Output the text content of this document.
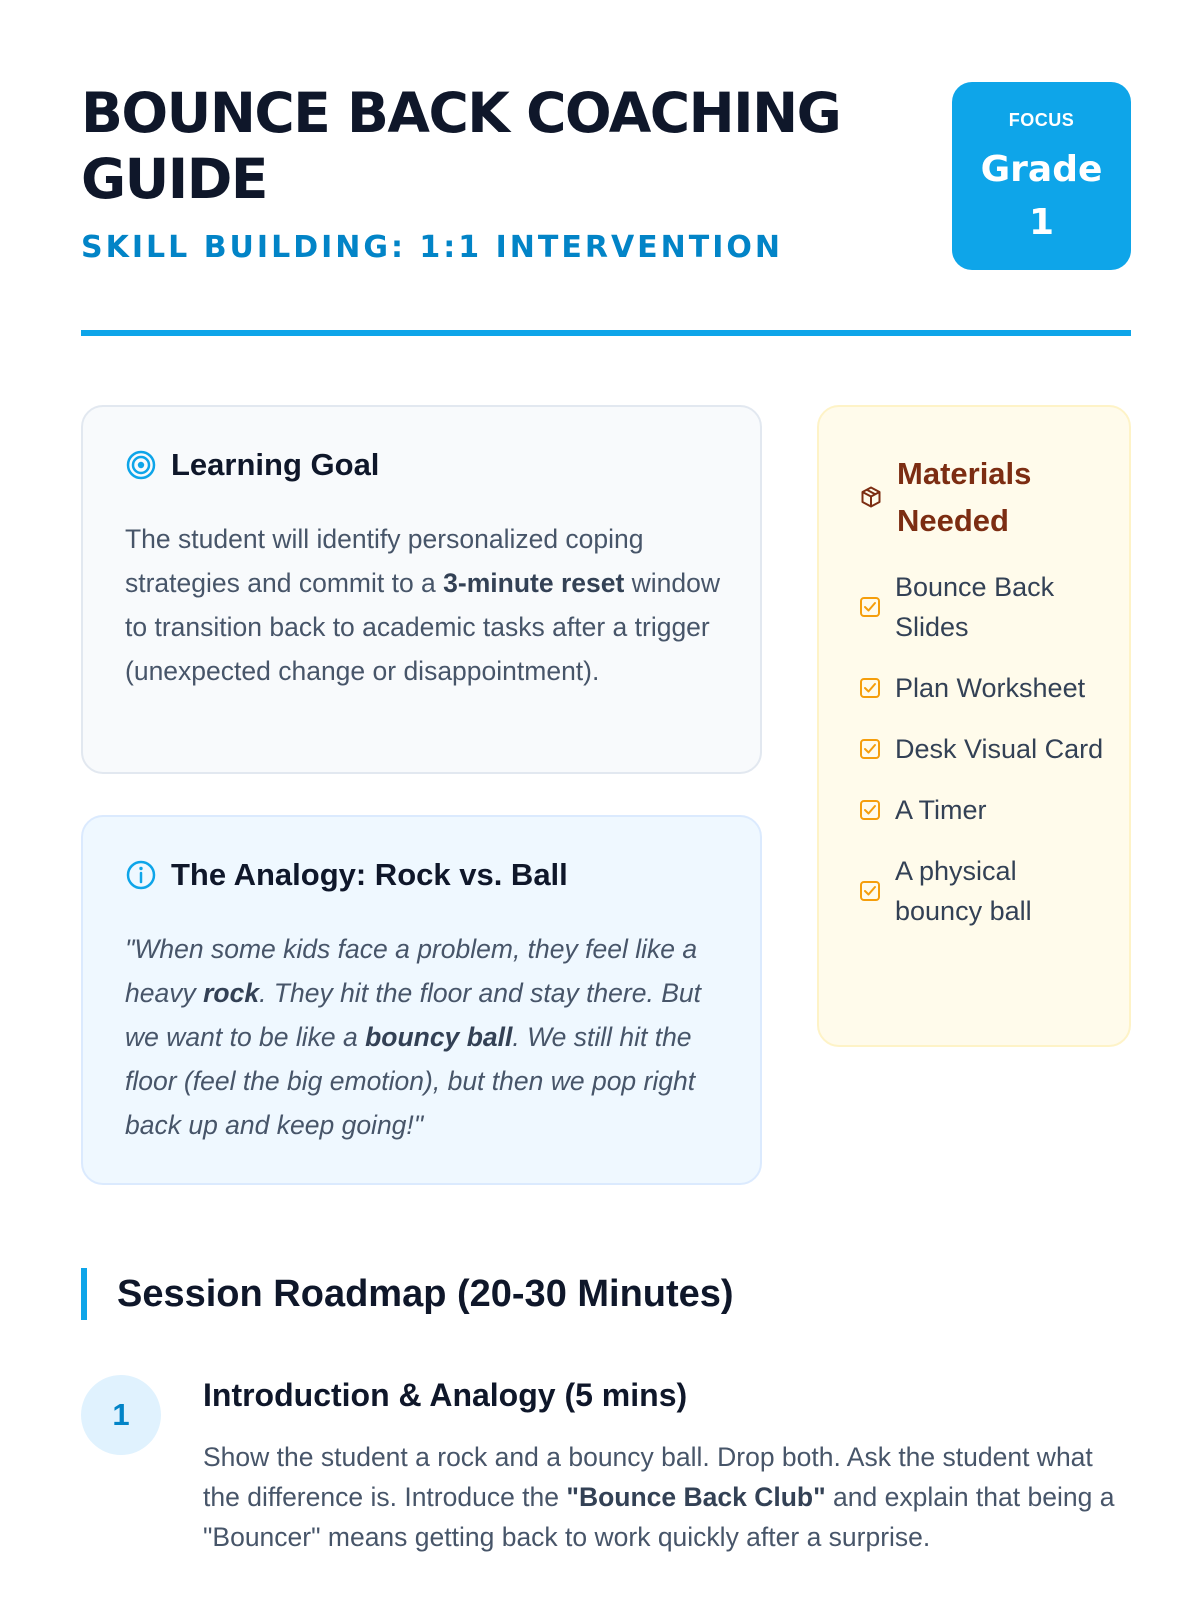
BOUNCE BACK COACHING GUIDE
SKILL BUILDING: 1:1 INTERVENTION
FOCUS
Grade
1
Learning Goal

The student will identify personalized coping strategies and commit to a 3-minute reset window to transition back to academic tasks after a trigger (unexpected change or disappointment).

The Analogy: Rock vs. Ball

"When some kids face a problem, they feel like a heavy rock. They hit the floor and stay there. But we want to be like a bouncy ball. We still hit the floor (feel the big emotion), but then we pop right back up and keep going!"

Materials Needed
Bounce Back Slides
Plan Worksheet
Desk Visual Card
A Timer
A physical bouncy ball
Session Roadmap (20-30 Minutes)
1
Introduction & Analogy (5 mins)

Show the student a rock and a bouncy ball. Drop both. Ask the student what the difference is. Introduce the "Bounce Back Club" and explain that being a "Bouncer" means getting back to work quickly after a surprise.
